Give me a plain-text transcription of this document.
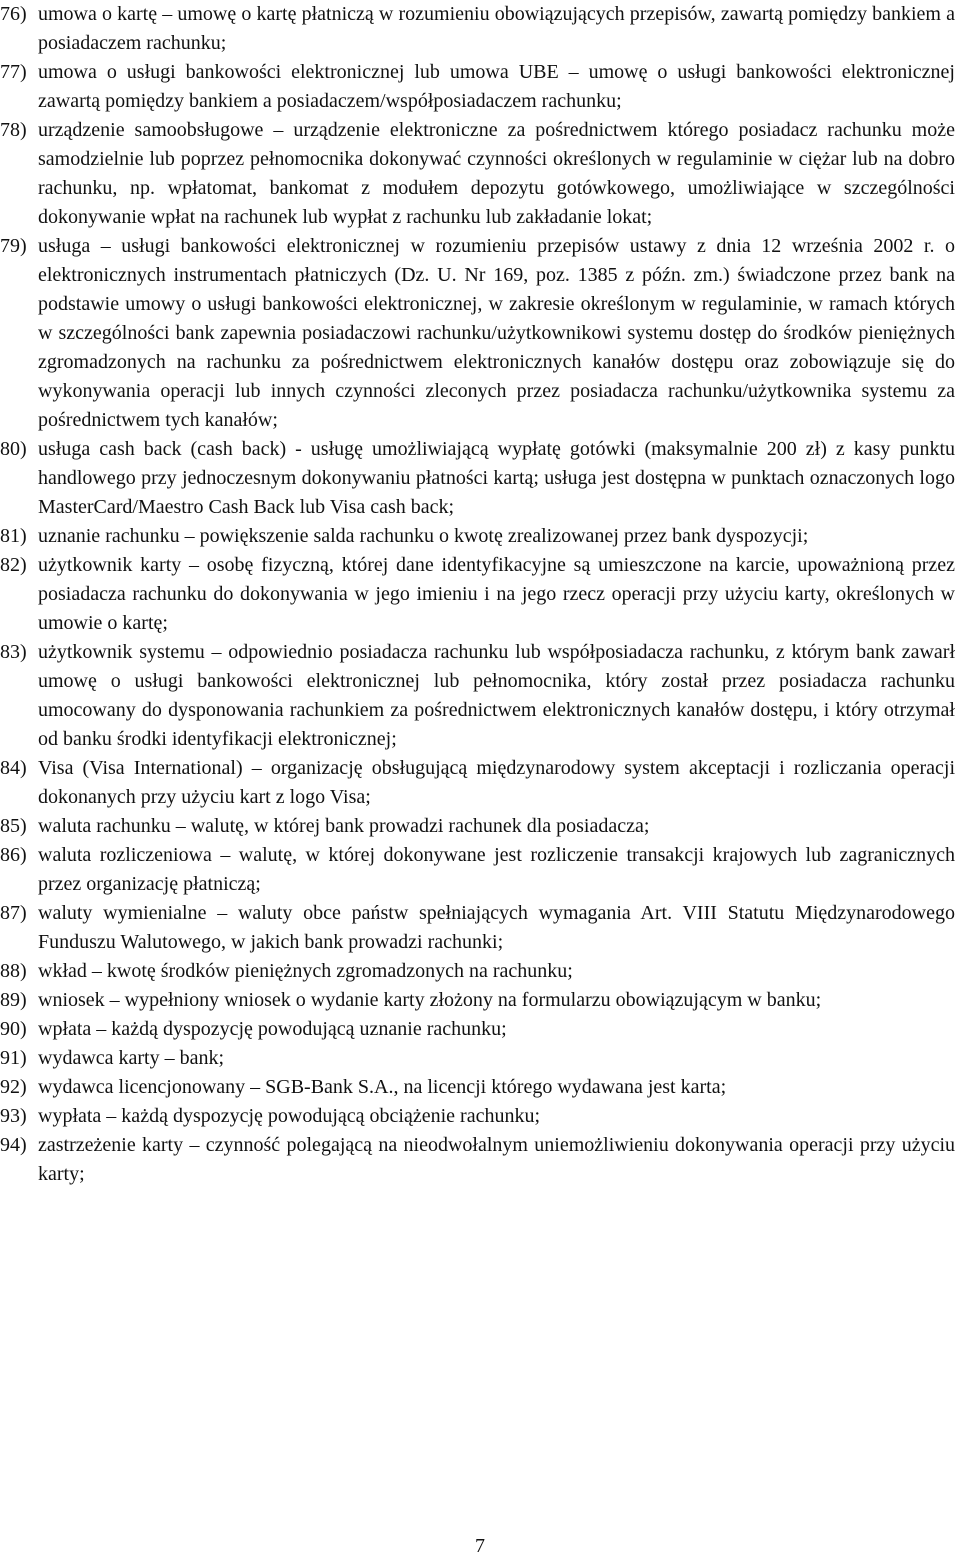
76) umowa o kartę – umowę o kartę płatniczą w rozumieniu obowiązujących przepisów, zawartą pomiędzy bankiem a posiadaczem rachunku;
77) umowa o usługi bankowości elektronicznej lub umowa UBE – umowę o usługi bankowości elektronicznej zawartą pomiędzy bankiem a posiadaczem/współposiadaczem rachunku;
78) urządzenie samoobsługowe – urządzenie elektroniczne za pośrednictwem którego posiadacz rachunku może samodzielnie lub poprzez pełnomocnika dokonywać czynności określonych w regulaminie w ciężar lub na dobro rachunku, np. wpłatomat, bankomat z modułem depozytu gotówkowego, umożliwiające w szczególności dokonywanie wpłat na rachunek lub wypłat z rachunku lub zakładanie lokat;
79) usługa – usługi bankowości elektronicznej w rozumieniu przepisów ustawy z dnia 12 września 2002 r. o elektronicznych instrumentach płatniczych (Dz. U. Nr 169, poz. 1385 z późn. zm.) świadczone przez bank na podstawie umowy o usługi bankowości elektronicznej, w zakresie określonym w regulaminie, w ramach których w szczególności bank zapewnia posiadaczowi rachunku/użytkownikowi systemu dostęp do środków pieniężnych zgromadzonych na rachunku za pośrednictwem elektronicznych kanałów dostępu oraz zobowiązuje się do wykonywania operacji lub innych czynności zleconych przez posiadacza rachunku/użytkownika systemu za pośrednictwem tych kanałów;
80) usługa cash back (cash back) - usługę umożliwiającą wypłatę gotówki (maksymalnie 200 zł) z kasy punktu handlowego przy jednoczesnym dokonywaniu płatności kartą; usługa jest dostępna w punktach oznaczonych logo MasterCard/Maestro Cash Back lub Visa cash back;
81) uznanie rachunku – powiększenie salda rachunku o kwotę zrealizowanej przez bank dyspozycji;
82) użytkownik karty – osobę fizyczną, której dane identyfikacyjne są umieszczone na karcie, upoważnioną przez posiadacza rachunku do dokonywania w jego imieniu i na jego rzecz operacji przy użyciu karty, określonych w umowie o kartę;
83) użytkownik systemu – odpowiednio posiadacza rachunku lub współposiadacza rachunku, z którym bank zawarł umowę o usługi bankowości elektronicznej lub pełnomocnika, który został przez posiadacza rachunku umocowany do dysponowania rachunkiem za pośrednictwem elektronicznych kanałów dostępu, i który otrzymał od banku środki identyfikacji elektronicznej;
84) Visa (Visa International) – organizację obsługującą międzynarodowy system akceptacji i rozliczania operacji dokonanych przy użyciu kart z logo Visa;
85) waluta rachunku – walutę, w której bank prowadzi rachunek dla posiadacza;
86) waluta rozliczeniowa – walutę, w której dokonywane jest rozliczenie transakcji krajowych lub zagranicznych przez organizację płatniczą;
87) waluty wymienialne – waluty obce państw spełniających wymagania Art. VIII Statutu Międzynarodowego Funduszu Walutowego, w jakich bank prowadzi rachunki;
88) wkład – kwotę środków pieniężnych zgromadzonych na rachunku;
89) wniosek – wypełniony wniosek o wydanie karty złożony na formularzu obowiązującym w banku;
90) wpłata – każdą dyspozycję powodującą uznanie rachunku;
91) wydawca karty – bank;
92) wydawca licencjonowany – SGB-Bank S.A., na licencji którego wydawana jest karta;
93) wypłata – każdą dyspozycję powodującą obciążenie rachunku;
94) zastrzeżenie karty – czynność polegającą na nieodwołalnym uniemożliwieniu dokonywania operacji przy użyciu karty;
7
